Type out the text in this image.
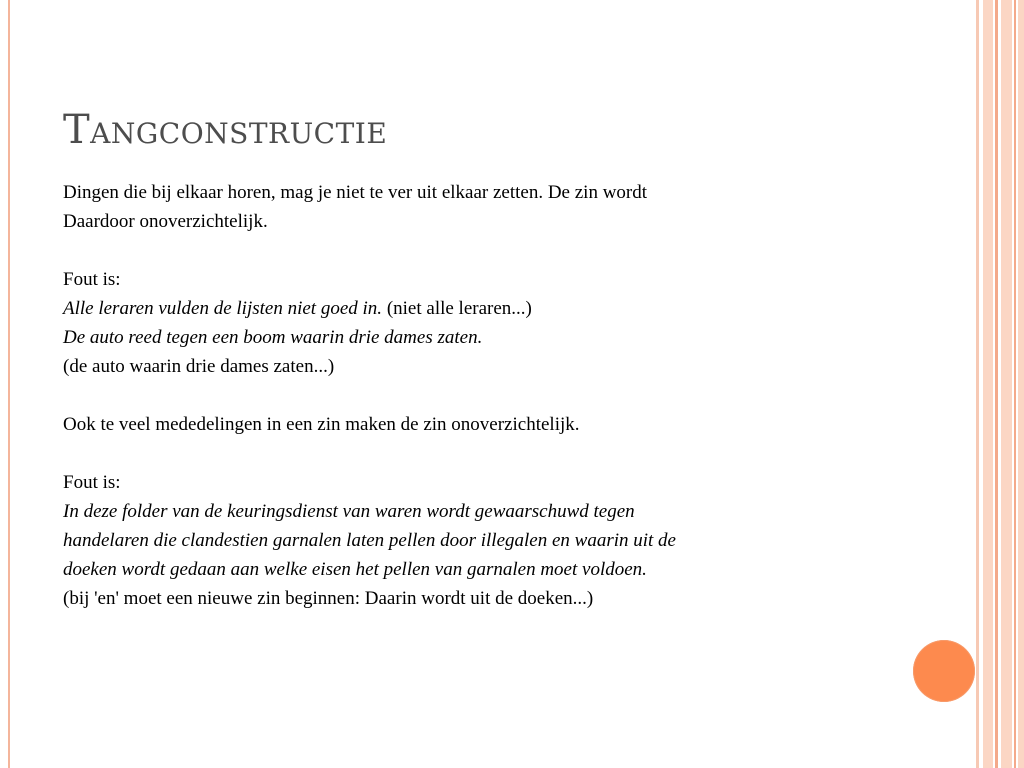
Tangconstructie

Dingen die bij elkaar horen, mag je niet te ver uit elkaar zetten. De zin wordt

Daardoor onoverzichtelijk.

Fout is:

Alle leraren vulden de lijsten niet goed in. (niet alle leraren...)

De auto reed tegen een boom waarin drie dames zaten.

(de auto waarin drie dames zaten...)

Ook te veel mededelingen in een zin maken de zin onoverzichtelijk.

Fout is:

In deze folder van de keuringsdienst van waren wordt gewaarschuwd tegen

handelaren die clandestien garnalen laten pellen door illegalen en waarin uit de

doeken wordt gedaan aan welke eisen het pellen van garnalen moet voldoen.

(bij 'en' moet een nieuwe zin beginnen: Daarin wordt uit de doeken...)
